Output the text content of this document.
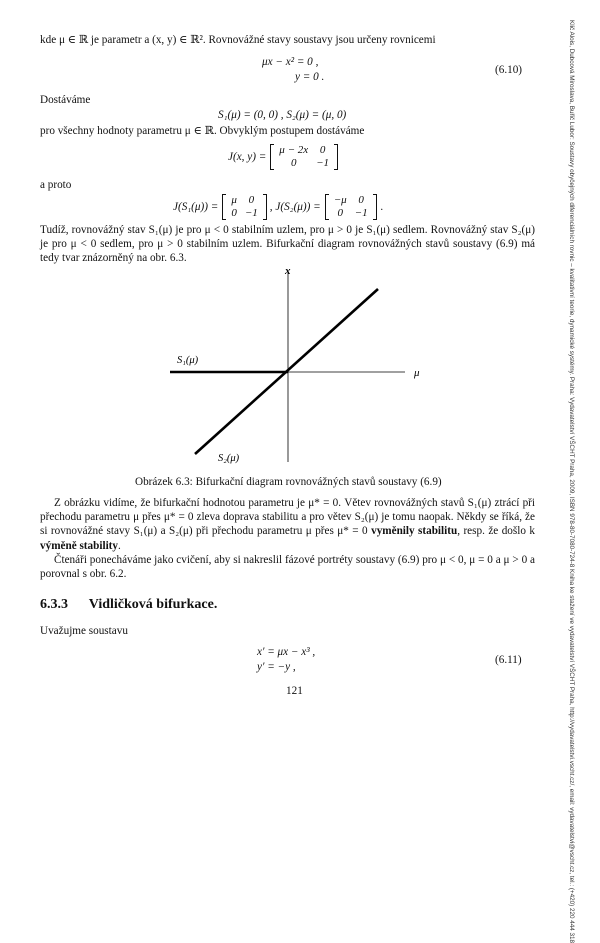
kde μ ∈ ℝ je parametr a (x, y) ∈ ℝ². Rovnovážné stavy soustavy jsou určeny rovnicemi
μx − x² = 0 ,
y = 0 .
(6.10)
Dostáváme
S₁(μ) = (0, 0) , S₂(μ) = (μ, 0)
pro všechny hodnoty parametru μ ∈ ℝ. Obvyklým postupem dostáváme
J(x, y) =
μ − 2x	0
0	−1
a proto
J(S₁(μ)) =
μ	0
0	−1 , J(S₂(μ)) =
−μ	0
0	−1 .
Tudíž, rovnovážný stav S₁(μ) je pro μ < 0 stabilním uzlem, pro μ > 0 je S₁(μ) sedlem. Rovnovážný stav S₂(μ) je pro μ < 0 sedlem, pro μ > 0 stabilním uzlem. Bifurkační diagram rovnovážných stavů soustavy (6.9) má tedy tvar znázorněný na obr. 6.3.
x
μ
S₁(μ)
S₂(μ)
Obrázek 6.3: Bifurkační diagram rovnovážných stavů soustavy (6.9)
Z obrázku vidíme, že bifurkační hodnotou parametru je μ* = 0. Větev rovnovážných stavů S₁(μ) ztrácí při přechodu parametru μ přes μ* = 0 zleva doprava stabilitu a pro větev S₂(μ) je tomu naopak. Někdy se říká, že si rovnovážné stavy S₁(μ) a S₂(μ) při přechodu parametru μ přes μ* = 0 vyměnily stabilitu, resp. že došlo k výměně stability.
Čtenáři ponecháváme jako cvičení, aby si nakreslil fázové portréty soustavy (6.9) pro μ < 0, μ = 0 a μ > 0 a porovnal s obr. 6.2.
6.3.3 Vidličková bifurkace.
Uvažujme soustavu
x′ = μx − x³ ,
y′ = −y ,
(6.11)
121	Klič Alois, Dubcová Miroslava, Buřič Lubor: Soustavy obyčejných diferenciálních rovnic – kvalitativní teorie, dynamické systémy. Praha: Vydavatelství VŠCHT Praha, 2009, ISBN 978-80-7080-724-8 Kniha ke stažení ve vydavatelství VŠCHT Praha, http://vydavatelstvi.vscht.cz/, email: vydavatelstvi@vscht.cz, tel.: (+420) 220 444 318
